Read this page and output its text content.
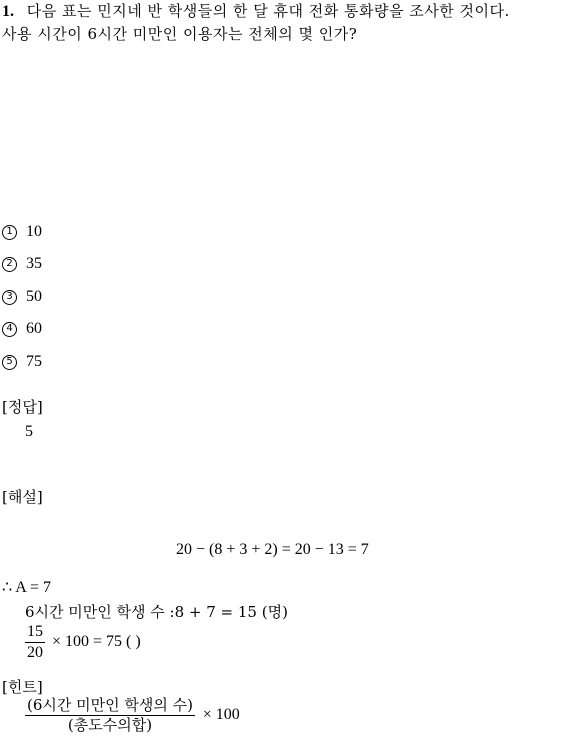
1. 다음 표는 민지네 반 학생들의 한 달 휴대 전화 통화량을 조사한 것이다.
사용 시간이 6시간 미만인 이용자는 전체의 몇 인가?
1 10
2 35
3 50
4 60
5 75
[정답]
5
[해설]
20 − (8 + 3 + 2) = 20 − 13 = 7
∴ A = 7
6시간 미만인 학생 수 :8 + 7 = 15 (명)
$\frac{15}{20} \times 100 = 75$ ( )
[힌트]
$\frac{\text{(6시간 미만인 학생의 수)}}{\text{(총도수의합)}} \times 100$
